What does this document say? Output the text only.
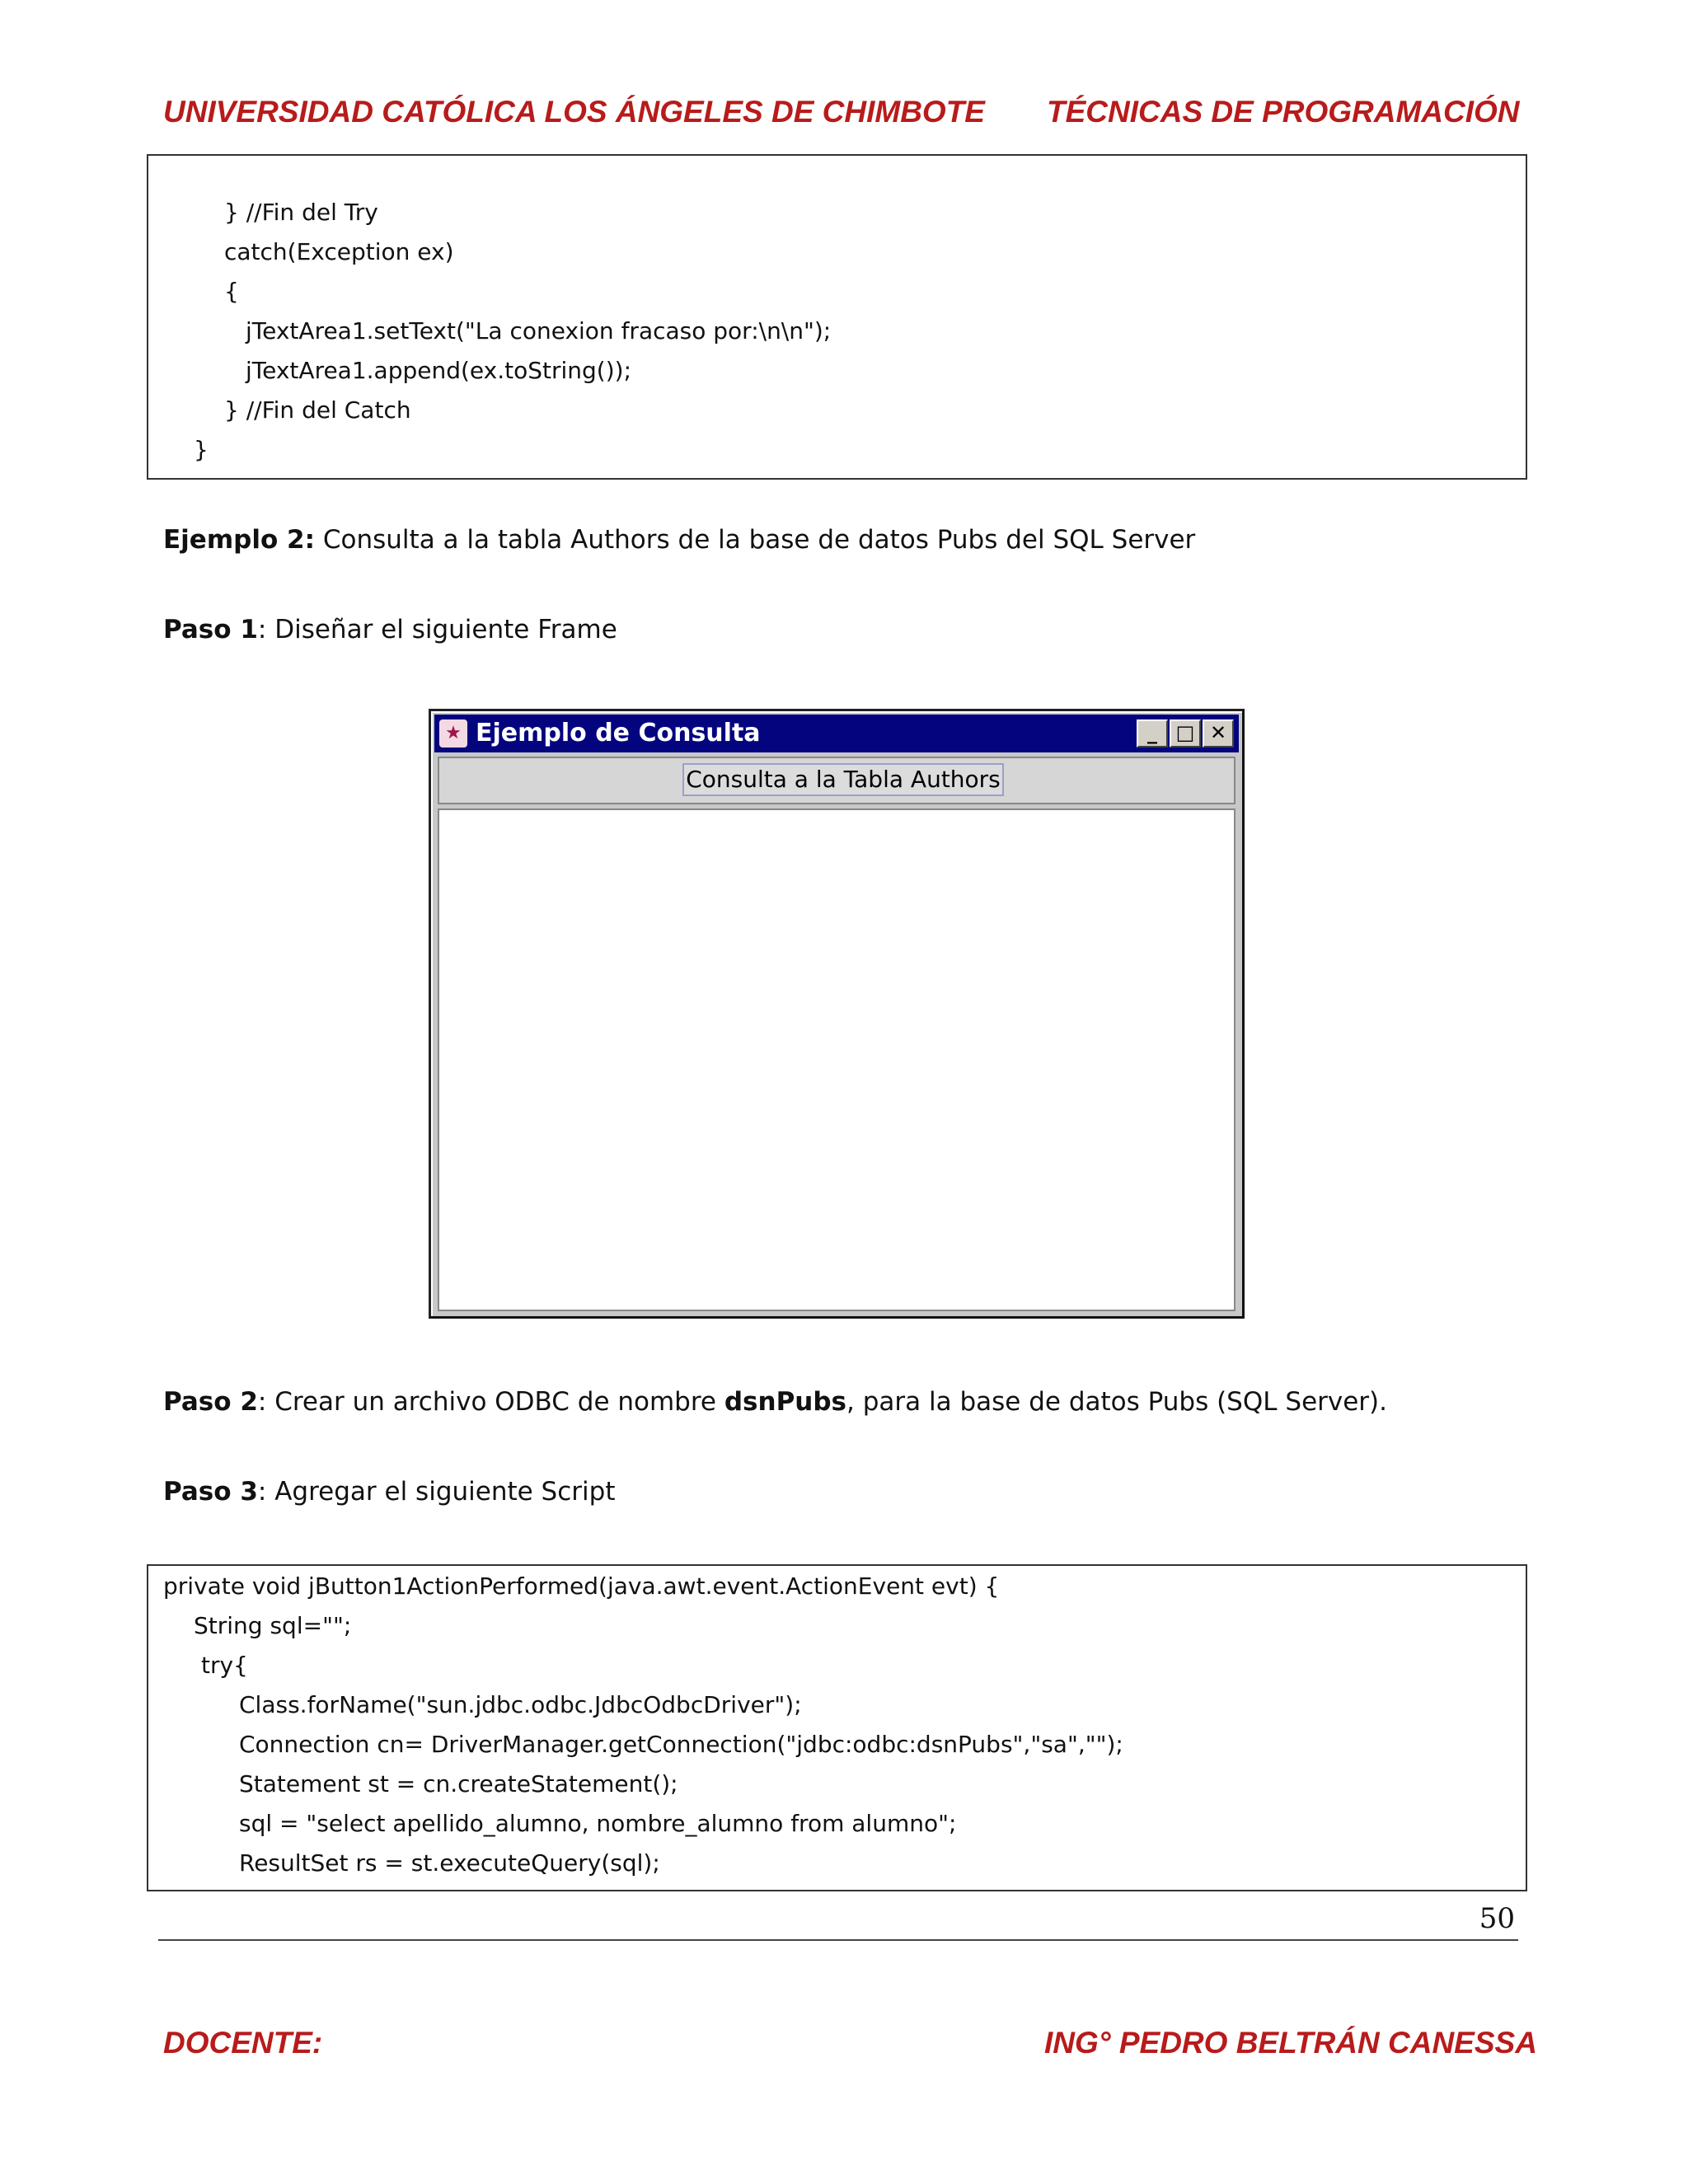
UNIVERSIDAD CATÓLICA LOS ÁNGELES DE CHIMBOTE TÉCNICAS DE PROGRAMACIÓN
} //Fin del Try
catch(Exception ex)
{
jTextArea1.setText("La conexion fracaso por:\n\n");
jTextArea1.append(ex.toString());
} //Fin del Catch
}
Ejemplo 2: Consulta a la tabla Authors de la base de datos Pubs del SQL Server
Paso 1: Diseñar el siguiente Frame
★ Ejemplo de Consulta	_ □ ✕
Consulta a la Tabla Authors
Paso 2: Crear un archivo ODBC de nombre dsnPubs, para la base de datos Pubs (SQL Server).
Paso 3: Agregar el siguiente Script
private void jButton1ActionPerformed(java.awt.event.ActionEvent evt) {
String sql="";
try{
Class.forName("sun.jdbc.odbc.JdbcOdbcDriver");
Connection cn= DriverManager.getConnection("jdbc:odbc:dsnPubs","sa","");
Statement st = cn.createStatement();
sql = "select apellido_alumno, nombre_alumno from alumno";
ResultSet rs = st.executeQuery(sql);
50
DOCENTE:	ING° PEDRO BELTRÁN CANESSA
